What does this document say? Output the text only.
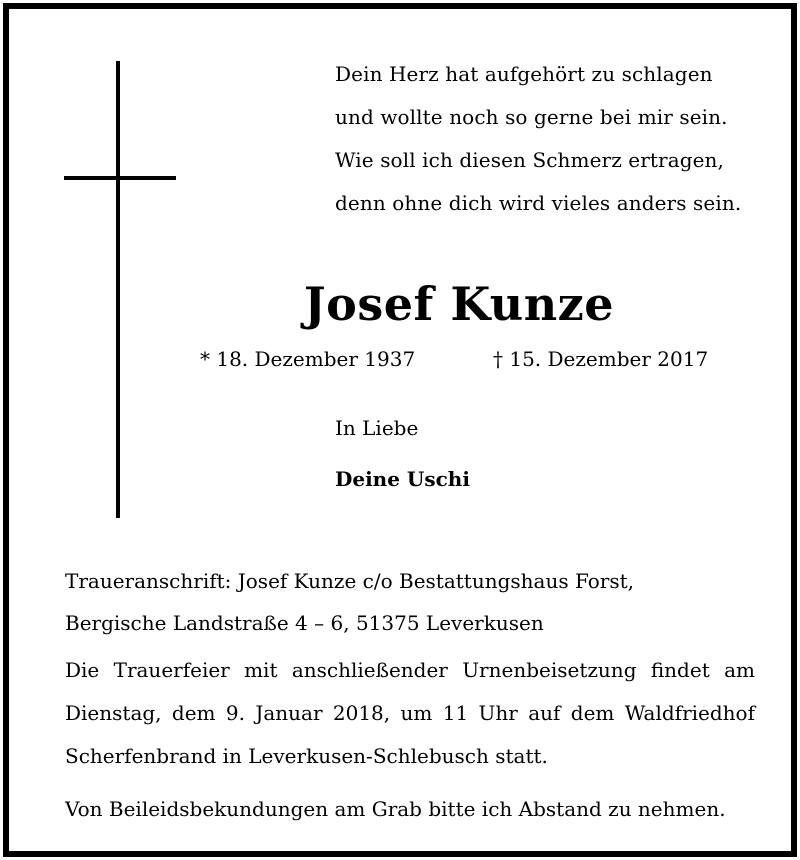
Dein Herz hat aufgehört zu schlagen
und wollte noch so gerne bei mir sein.
Wie soll ich diesen Schmerz ertragen,
denn ohne dich wird vieles anders sein.
Josef Kunze
* 18. Dezember 1937	† 15. Dezember 2017
In Liebe
Deine Uschi
Traueranschrift: Josef Kunze c/o Bestattungshaus Forst,
Bergische Landstraße 4 – 6, 51375 Leverkusen
Die Trauerfeier mit anschließender Urnenbeisetzung findet am
Dienstag, dem 9. Januar 2018, um 11 Uhr auf dem Waldfriedhof
Scherfenbrand in Leverkusen-Schlebusch statt.
Von Beileidsbekundungen am Grab bitte ich Abstand zu nehmen.
